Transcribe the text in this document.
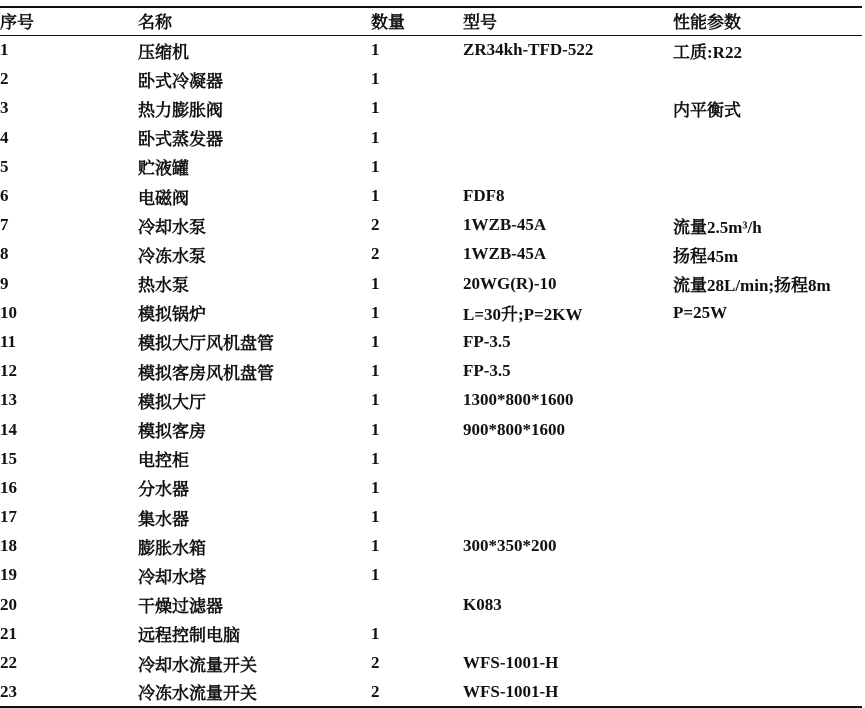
序号	名称	数量	型号	性能参数
1	压缩机	1	ZR34kh-TFD-522	工质:R22
2	卧式冷凝器	1		
3	热力膨胀阀	1		内平衡式
4	卧式蒸发器	1		
5	贮液罐	1		
6	电磁阀	1	FDF8	
7	冷却水泵	2	1WZB-45A	流量2.5m³/h
8	冷冻水泵	2	1WZB-45A	扬程45m
9	热水泵	1	20WG(R)-10	流量28L/min;扬程8m
10	模拟锅炉	1	L=30升;P=2KW	P=25W
11	模拟大厅风机盘管	1	FP-3.5	
12	模拟客房风机盘管	1	FP-3.5	
13	模拟大厅	1	1300*800*1600	
14	模拟客房	1	900*800*1600	
15	电控柜	1		
16	分水器	1		
17	集水器	1		
18	膨胀水箱	1	300*350*200	
19	冷却水塔	1		
20	干燥过滤器		K083	
21	远程控制电脑	1		
22	冷却水流量开关	2	WFS-1001-H	
23	冷冻水流量开关	2	WFS-1001-H	
